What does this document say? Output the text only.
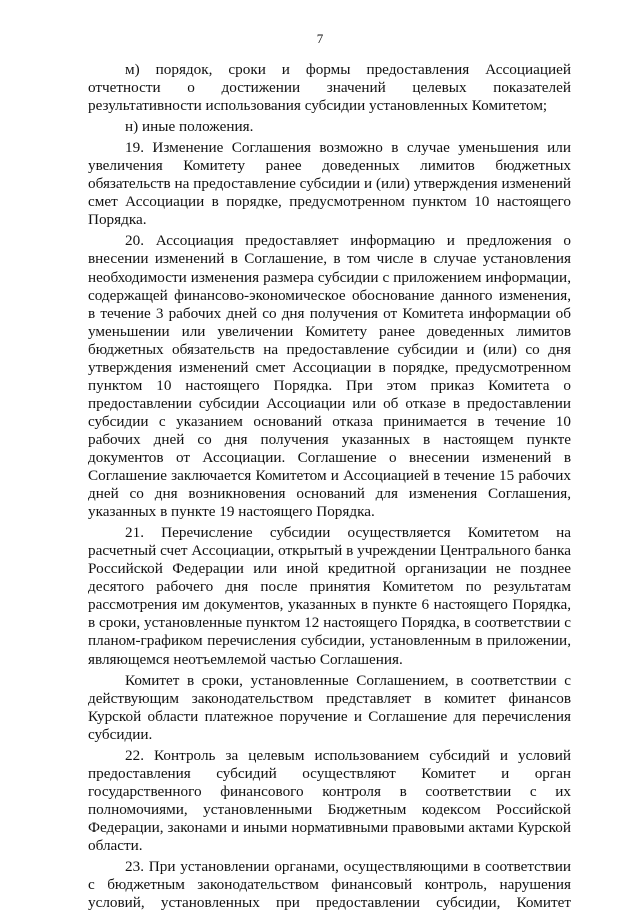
7

м) порядок, сроки и формы предоставления Ассоциацией отчетности о достижении значений целевых показателей результативности использования субсидии установленных Комитетом;

н) иные положения.

19. Изменение Соглашения возможно в случае уменьшения или увеличения Комитету ранее доведенных лимитов бюджетных обязательств на предоставление субсидии и (или) утверждения изменений смет Ассоциации в порядке, предусмотренном пунктом 10 настоящего Порядка.

20. Ассоциация предоставляет информацию и предложения о внесении изменений в Соглашение, в том числе в случае установления необходимости изменения размера субсидии с приложением информации, содержащей финансово-экономическое обоснование данного изменения, в течение 3 рабочих дней со дня получения от Комитета информации об уменьшении или увеличении Комитету ранее доведенных лимитов бюджетных обязательств на предоставление субсидии и (или) со дня утверждения изменений смет Ассоциации в порядке, предусмотренном пунктом 10 настоящего Порядка. При этом приказ Комитета о предоставлении субсидии Ассоциации или об отказе в предоставлении субсидии с указанием оснований отказа принимается в течение 10 рабочих дней со дня получения указанных в настоящем пункте документов от Ассоциации. Соглашение о внесении изменений в Соглашение заключается Комитетом и Ассоциацией в течение 15 рабочих дней со дня возникновения оснований для изменения Соглашения, указанных в пункте 19 настоящего Порядка.

21. Перечисление субсидии осуществляется Комитетом на расчетный счет Ассоциации, открытый в учреждении Центрального банка Российской Федерации или иной кредитной организации не позднее десятого рабочего дня после принятия Комитетом по результатам рассмотрения им документов, указанных в пункте 6 настоящего Порядка, в сроки, установленные пунктом 12 настоящего Порядка, в соответствии с планом-графиком перечисления субсидии, установленным в приложении, являющемся неотъемлемой частью Соглашения.

Комитет в сроки, установленные Соглашением, в соответствии с действующим законодательством представляет в комитет финансов Курской области платежное поручение и Соглашение для перечисления субсидии.

22. Контроль за целевым использованием субсидий и условий предоставления субсидий осуществляют Комитет и орган государственного финансового контроля в соответствии с их полномочиями, установленными Бюджетным кодексом Российской Федерации, законами и иными нормативными правовыми актами Курской области.

23. При установлении органами, осуществляющими в соответствии с бюджетным законодательством финансовый контроль, нарушения условий, установленных при предоставлении субсидии, Комитет
